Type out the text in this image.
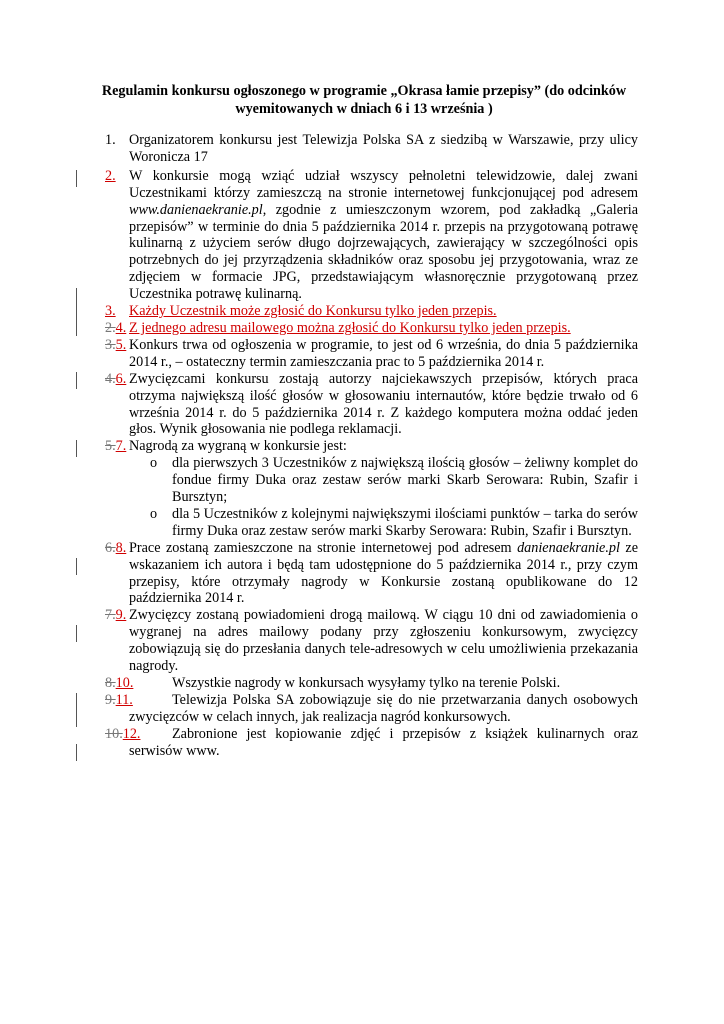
Regulamin konkursu ogłoszonego w programie „Okrasa łamie przepisy” (do odcinków
wyemitowanych w dniach 6 i 13 września )
1. Organizatorem konkursu jest Telewizja Polska SA z siedzibą w Warszawie, przy ulicy Woronicza 17
2. W konkursie mogą wziąć udział wszyscy pełnoletni telewidzowie, dalej zwani Uczestnikami którzy zamieszczą na stronie internetowej funkcjonującej pod adresem www.danienaekranie.pl, zgodnie z umieszczonym wzorem, pod zakładką „Galeria przepisów” w terminie do dnia 5 października 2014 r. przepis na przygotowaną potrawę kulinarną z użyciem serów długo dojrzewających, zawierający w szczególności opis potrzebnych do jej przyrządzenia składników oraz sposobu jej przygotowania, wraz ze zdjęciem w formacie JPG, przedstawiającym własnoręcznie przygotowaną przez Uczestnika potrawę kulinarną.
3. Każdy Uczestnik może zgłosić do Konkursu tylko jeden przepis.
2.4. Z jednego adresu mailowego można zgłosić do Konkursu tylko jeden przepis.
3.5. Konkurs trwa od ogłoszenia w programie, to jest od 6 września, do dnia 5 października 2014 r., – ostateczny termin zamieszczania prac to 5 października 2014 r.
4.6. Zwycięzcami konkursu zostają autorzy najciekawszych przepisów, których praca otrzyma największą ilość głosów w głosowaniu internautów, które będzie trwało od 6 września 2014 r. do 5 października 2014 r. Z każdego komputera można oddać jeden głos. Wynik głosowania nie podlega reklamacji.
5.7. Nagrodą za wygraną w konkursie jest:
o dla pierwszych 3 Uczestników z największą ilością głosów – żeliwny komplet do fondue firmy Duka oraz zestaw serów marki Skarb Serowara: Rubin, Szafir i Bursztyn;
o dla 5 Uczestników z kolejnymi największymi ilościami punktów – tarka do serów firmy Duka oraz zestaw serów marki Skarby Serowara: Rubin, Szafir i Bursztyn.
6.8. Prace zostaną zamieszczone na stronie internetowej pod adresem danienaekranie.pl ze wskazaniem ich autora i będą tam udostępnione do 5 października 2014 r., przy czym przepisy, które otrzymały nagrody w Konkursie zostaną opublikowane do 12 października 2014 r.
7.9. Zwycięzcy zostaną powiadomieni drogą mailową. W ciągu 10 dni od zawiadomienia o wygranej na adres mailowy podany przy zgłoszeniu konkursowym, zwycięzcy zobowiązują się do przesłania danych tele-adresowych w celu umożliwienia przekazania nagrody.
8.10.	Wszystkie nagrody w konkursach wysyłamy tylko na terenie Polski.
9.11.	Telewizja Polska SA zobowiązuje się do nie przetwarzania danych osobowych zwycięzców w celach innych, jak realizacja nagród konkursowych.
10.12. Zabronione jest kopiowanie zdjęć i przepisów z książek kulinarnych oraz serwisów www.
